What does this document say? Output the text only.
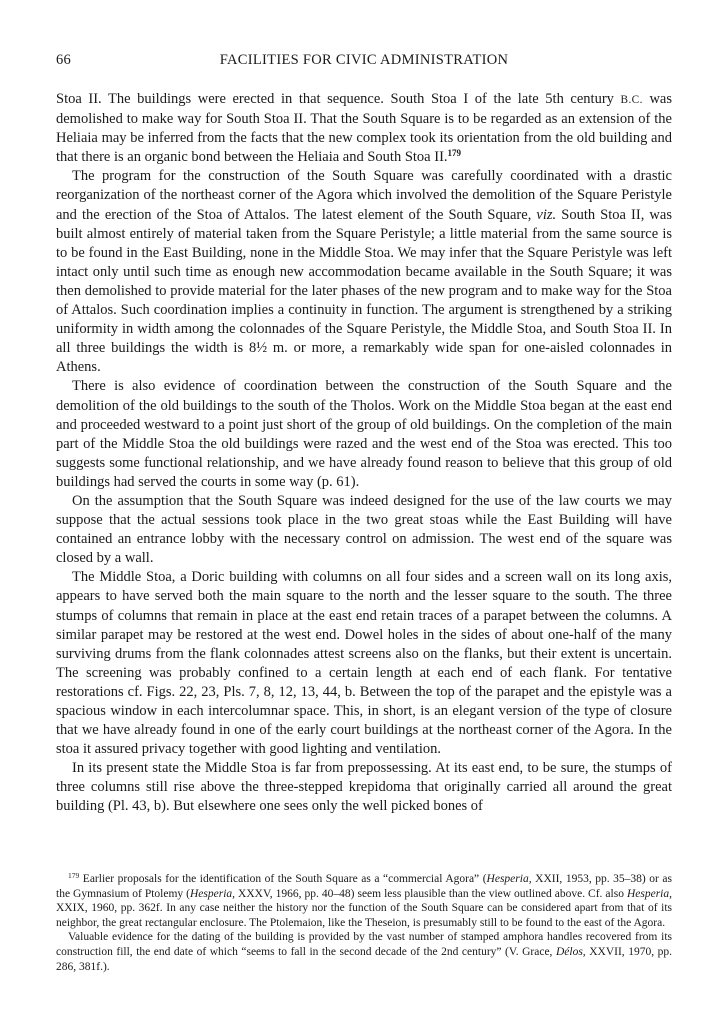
66	FACILITIES FOR CIVIC ADMINISTRATION

Stoa II. The buildings were erected in that sequence. South Stoa I of the late 5th century B.C. was demolished to make way for South Stoa II. That the South Square is to be regarded as an extension of the Heliaia may be inferred from the facts that the new complex took its orientation from the old building and that there is an organic bond between the Heliaia and South Stoa II.$^{179}$

The program for the construction of the South Square was carefully coordinated with a drastic reorganization of the northeast corner of the Agora which involved the demolition of the Square Peristyle and the erection of the Stoa of Attalos. The latest element of the South Square, viz. South Stoa II, was built almost entirely of material taken from the Square Peristyle; a little material from the same source is to be found in the East Building, none in the Middle Stoa. We may infer that the Square Peristyle was left intact only until such time as enough new accommodation became available in the South Square; it was then demolished to provide material for the later phases of the new program and to make way for the Stoa of Attalos. Such coordination implies a continuity in function. The argument is strengthened by a striking uniformity in width among the colonnades of the Square Peristyle, the Middle Stoa, and South Stoa II. In all three buildings the width is 8½ m. or more, a remarkably wide span for one-aisled colonnades in Athens.

There is also evidence of coordination between the construction of the South Square and the demolition of the old buildings to the south of the Tholos. Work on the Middle Stoa began at the east end and proceeded westward to a point just short of the group of old buildings. On the completion of the main part of the Middle Stoa the old buildings were razed and the west end of the Stoa was erected. This too suggests some functional relationship, and we have already found reason to believe that this group of old buildings had served the courts in some way (p. 61).

On the assumption that the South Square was indeed designed for the use of the law courts we may suppose that the actual sessions took place in the two great stoas while the East Building will have contained an entrance lobby with the necessary control on admission. The west end of the square was closed by a wall.

The Middle Stoa, a Doric building with columns on all four sides and a screen wall on its long axis, appears to have served both the main square to the north and the lesser square to the south. The three stumps of columns that remain in place at the east end retain traces of a parapet between the columns. A similar parapet may be restored at the west end. Dowel holes in the sides of about one-half of the many surviving drums from the flank colonnades attest screens also on the flanks, but their extent is uncertain. The screening was probably confined to a certain length at each end of each flank. For tentative restorations cf. Figs. 22, 23, Pls. 7, 8, 12, 13, 44, b. Between the top of the parapet and the epistyle was a spacious window in each intercolumnar space. This, in short, is an elegant version of the type of closure that we have already found in one of the early court buildings at the northeast corner of the Agora. In the stoa it assured privacy together with good lighting and ventilation.

In its present state the Middle Stoa is far from prepossessing. At its east end, to be sure, the stumps of three columns still rise above the three-stepped krepidoma that originally carried all around the great building (Pl. 43, b). But elsewhere one sees only the well picked bones of

$^{179}$ Earlier proposals for the identification of the South Square as a “commercial Agora” (Hesperia, XXII, 1953, pp. 35–38) or as the Gymnasium of Ptolemy (Hesperia, XXXV, 1966, pp. 40–48) seem less plausible than the view outlined above. Cf. also Hesperia, XXIX, 1960, pp. 362f. In any case neither the history nor the function of the South Square can be considered apart from that of its neighbor, the great rectangular enclosure. The Ptolemaion, like the Theseion, is presumably still to be found to the east of the Agora.

Valuable evidence for the dating of the building is provided by the vast number of stamped amphora handles recovered from its construction fill, the end date of which “seems to fall in the second decade of the 2nd century” (V. Grace, Délos, XXVII, 1970, pp. 286, 381f.).
